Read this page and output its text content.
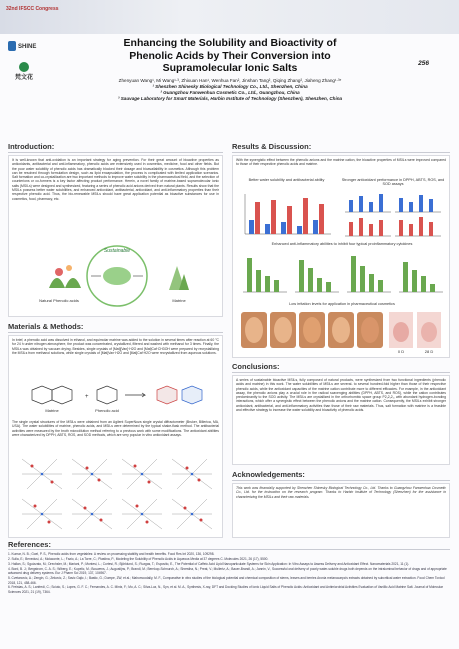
32nd IFSCC Congress
SHINE
梵文花
Enhancing the Solubility and Bioactivity of
Phenolic Acids by Their Conversion into
Supramolecular Ionic Salts
Zhenyuan Wang¹, Mi Wang¹·³, Zhixuan Han¹, Wenhua Fan², Jinshan Tang², Qiqing Zhang², Jiaheng Zhang¹·³*
¹ Shenzhen Shinesky Biological Technology Co., Ltd., Shenzhen, China
² Guangzhou Fanwenhua Cosmetic Co., Ltd., Guangzhou, China
³ Sauvage Laboratory for Smart Materials, Harbin Institute of Technology (Shenzhen), Shenzhen, China
256
Introduction:
It is well-known that anti-oxidation is an important strategy for aging prevention. For their great amount of bioactive properties as antioxidants, antibacterial and anti-inflammatory, phenolic acids are extensively used in cosmetics, medicine, food and other fields. But the poor water solubility of phenolic acids has dramatically blocked their dosage and bioavailability in cosmetics. Although this problem can be resolved through formulation design, such as lipid encapsulation, the process is complicated with limited application scenarios. Salt formation and co-crystallization are two important methods to improve water solubility in the pharmaceutical field, and the selection of counterions or co-formers is a key factor affecting product performance. Herein, a novel family of matrine-based supramolecular ionic salts (MSILs) were designed and synthesized, featuring a series of phenolic acid anions derived from natural plants. Results show that the MSILs possess better water solubilities, and enhanced antioxidant, antibacterial, antioxidant, and anti-inflammatory properties than their respective phenolic acid. Thus, the bio-renewable MSILs should have great application potential as bioactive substances for use in cosmetics, food, pharmacy, etc.
Sustainable
Natural Phenolic acids	Matrine
Materials & Methods:
In brief, a phenolic acid was dissolved in ethanol, and equimolar matrine was added to the solution in several times after reaction at 60 °C for 24 h under nitrogen atmosphere, the product was concentrated, crystallized, filtered and washed with methanol for 3 times. Finally, the MSILs was obtained by vacuum drying. Besides, single crystals of [Mat][Van]·H2O and [Mat]Caf·CH3OH were prepared by recrystallizing the MSILs from methanol solutions, while single crystals of [Mat]Van·H2O and [Mat]Caf·H2O were recrystallized from aqueous solutions.
Matrine
+
Phenolic acid
The single crystal structures of the MSILs were obtained from an Agilent SuperNova single crystal diffractometer (Bruker, Billerica, MA, USA). The water solubilities of matrine, phenolic acids, and MSILs were determined by the typical shake-flask method. The antibacterial activities were measured by the broth microdilution method referring to a previous work with some modifications. The antioxidant abilities were characterized by DPPH, ABTS, ROS, and SOD methods, which are very popular in vitro antioxidant assays.
Results & Discussion:
With the synergistic effect between the phenolic anions and the matrine cation, the bioactive properties of MSILs were improved compared to those of their respective phenolic acids and matrine.
Better water solubility and antibacterial ability	Stronger antioxidant performance in DPPH, ABTS, ROS, and SOD assays
Enhanced anti-inflammatory abilities to inhibit four typical proinflammatory cytokines
Low irritation levels for application in pharmaceutical cosmetics
0 D	28 D
Conclusions:
A series of sustainable bioactive MSILs, fully composed of natural products, were synthesized from two functional ingredients (phenolic acids and matrine) in this work. The water solubilities of MSILs are several- to several hundred-fold higher than those of their respective phenolic acids, while the antioxidant capacities of the matrine cation contribute more to different efficacies. For example, in the antioxidant assay, the phenolic anions play a crucial role in the radical scavenging abilities (DPPH, ABTS, and ROS), while the cation contributes predominantly to the SOD activity. The MSILs are crystallized in the orthorhombic space group P2₁2₁2₁, with abundant hydrogen-bonding interactions, which offer a synergistic effect between the phenolic anions and the matrine cation. Consequently, the MSILs exhibit stronger antioxidant, antibacterial, and anti-inflammatory activities than those of their raw materials. Thus, salt formation with matrine is a feasible and effective strategy to increase the water solubility and bioactivity of phenolic acids.
Acknowledgements:
This work was financially supported by Shenzhen Shinesky Biological Technology Co., Ltd. Thanks to Guangzhou Fanwenhua Cosmetic Co., Ltd. for the instruction on the research program. Thanks to Harbin Institute of Technology (Shenzhen) for the assistance in characterizing the MSILs and their raw materials.
References:
1. Kumar, N. B.; Goel, P. S., Phenolic acids from vegetables: A review on processing stability and health benefits. Food Res Int 2020, 136, 109298.
2. Sulla, E.; Benedusi, A.; Molaconte, L.; Fazio, A.; La Torre, C.; Plastina, P., Modeling the Solubility of Phenolic Acids in Aqueous Media at 37 degrees C. Molecules 2021, 26 (17), 5500.
3. Hallan, S.; Sguizzato, M.; Drechsler, M.; Mariani, P.; Montesi, L.; Cortesi, R.; Björklund, S.; Ruzgas, T.; Esposito, E., The Potential of Caffeic Acid Lipid Nanoparticulate Systems for Skin Application: In Vitro Assays to Assess Delivery and Antioxidant Effect. Nanomaterials 2021, 11 (1).
4. Bord, B. J.; Bergstrom, C. A. S.; Wiberg, E.; Kupelic, M.; Bouwens, J.; Augustijns, P.; Brandl, M.; Bernkop-Schnurch, A.; Shrestha, N.; Preat, V.; Mullertz, A.; Bauer-Brandl, A.; Jannin, V., Successful oral delivery of poorly water-soluble drugs both depends on the intraluminal behavior of drugs and of appropriate advanced drug delivery systems. Eur J Pharm Sci 2019, 137, 104967.
5. Cvetanovic, A.; Zengin, G.; Zekovic, Z.; Savic Gajic, I.; Bastic, G.; Dumpe, ZW, et al.; Mahomoodally, M. F., Comparative in vitro studies of the biological potential and chemical composition of stems, leaves and berries Aronia melanocarpa's extracts obtained by subcritical water extraction. Food Chem Toxicol 2018, 121, 458-466.
6. Freistas, A. S.; Lanfredi, C.; Sciuto, S.; Lopes, G. F. C.; Fernandes, A. C. Mintz, F.; Mo, A. C.; Silva-Luz, N., Syn, et al. M. A., Synthesis, X-ray, DFT and Docking Studies of Ionic Liquid Salts of Phenolic Acids: Antioxidant and Antimicrobial Activities Evaluation of Vanillic Acid Matrine Salt. Journal of Molecular Sciences 2021, 21 (19), 7364.
